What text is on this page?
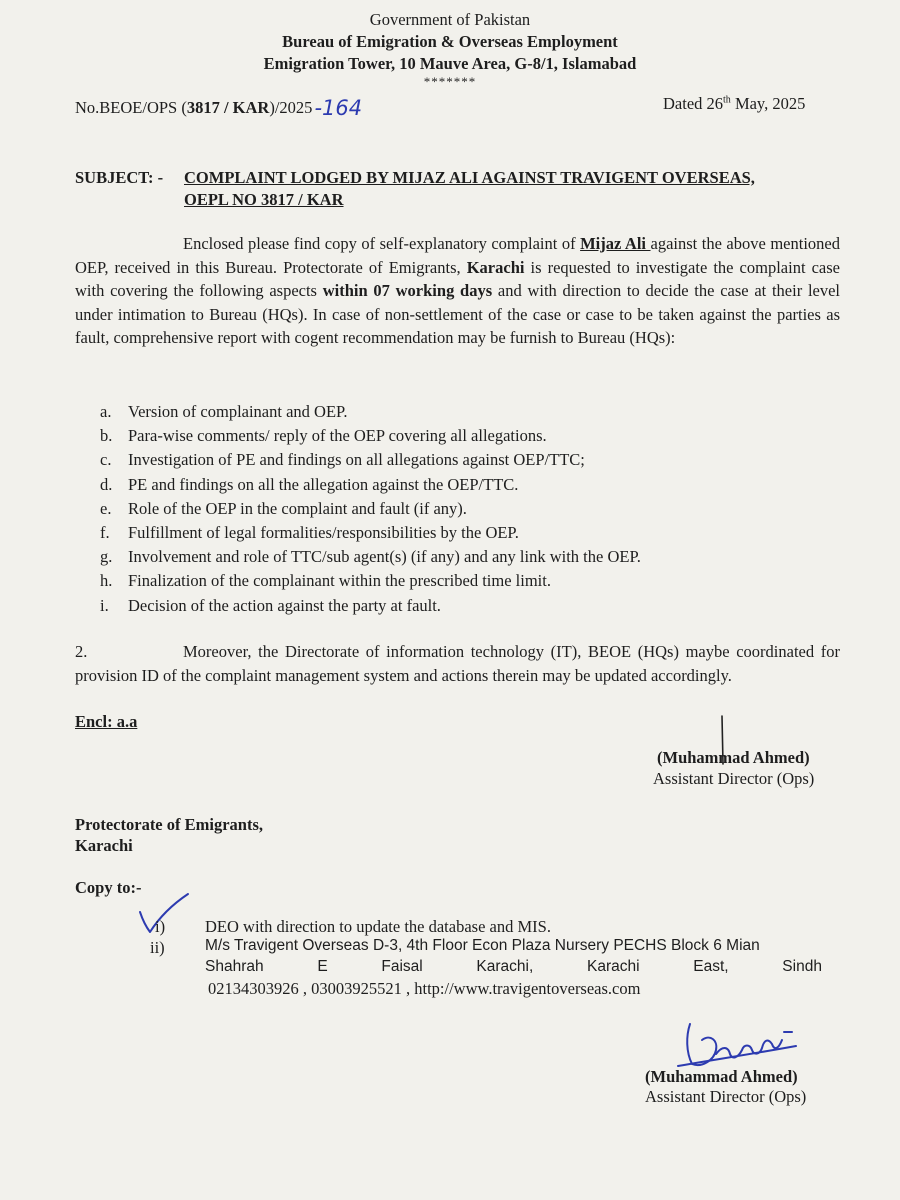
Government of Pakistan
Bureau of Emigration & Overseas Employment
Emigration Tower, 10 Mauve Area, G-8/1, Islamabad
*******
No.BEOE/OPS (3817 / KAR)/2025-164	Dated 26th May, 2025
SUBJECT: - COMPLAINT LODGED BY MIJAZ ALI AGAINST TRAVIGENT OVERSEAS,
OEPL NO 3817 / KAR
Enclosed please find copy of self-explanatory complaint of Mijaz Ali against the above mentioned OEP, received in this Bureau. Protectorate of Emigrants, Karachi is requested to investigate the complaint case with covering the following aspects within 07 working days and with direction to decide the case at their level under intimation to Bureau (HQs). In case of non-settlement of the case or case to be taken against the parties as fault, comprehensive report with cogent recommendation may be furnish to Bureau (HQs):
a. Version of complainant and OEP.
b. Para-wise comments/ reply of the OEP covering all allegations.
c. Investigation of PE and findings on all allegations against OEP/TTC;
d. PE and findings on all the allegation against the OEP/TTC.
e. Role of the OEP in the complaint and fault (if any).
f. Fulfillment of legal formalities/responsibilities by the OEP.
g. Involvement and role of TTC/sub agent(s) (if any) and any link with the OEP.
h. Finalization of the complainant within the prescribed time limit.
i. Decision of the action against the party at fault.
2.	Moreover, the Directorate of information technology (IT), BEOE (HQs) maybe coordinated for provision ID of the complaint management system and actions therein may be updated accordingly.
Encl: a.a
(Muhammad Ahmed)
Assistant Director (Ops)
Protectorate of Emigrants,
Karachi
Copy to:-
i) DEO with direction to update the database and MIS.
ii)	M/s Travigent Overseas D-3, 4th Floor Econ Plaza Nursery PECHS Block 6 Mian
Shahrah	E	Faisal	Karachi,	Karachi	East,	Sindh
02134303926 , 03003925521 , http://www.travigentoverseas.com
(Muhammad Ahmed)
Assistant Director (Ops)
